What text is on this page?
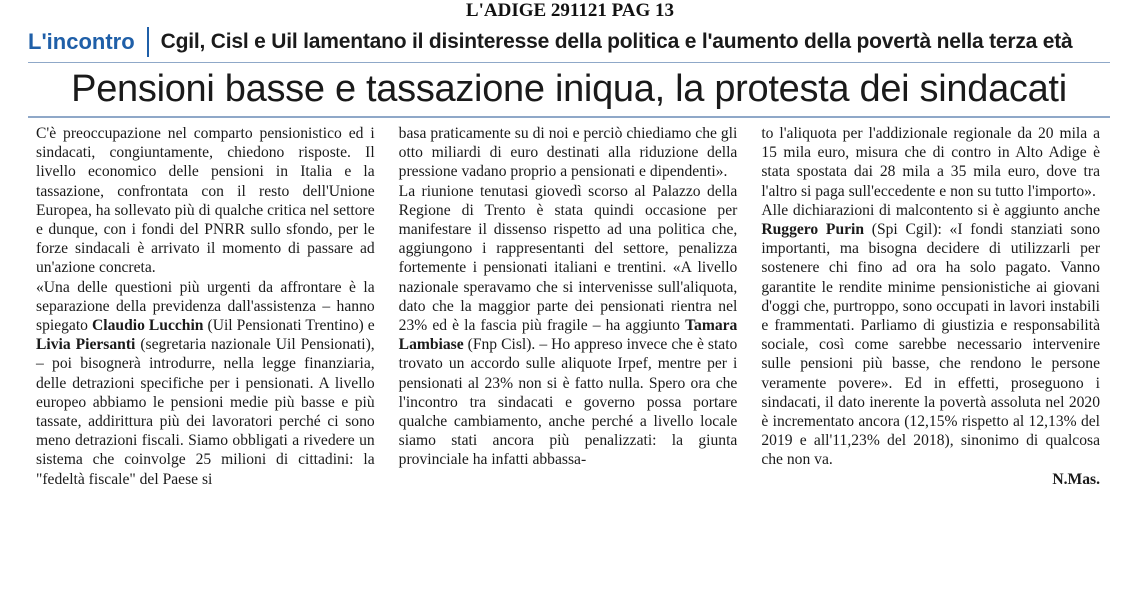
L'ADIGE 291121 PAG 13
L'incontro	Cgil, Cisl e Uil lamentano il disinteresse della politica e l'aumento della povertà nella terza età
Pensioni basse e tassazione iniqua, la protesta dei sindacati

C'è preoccupazione nel comparto pensionistico ed i sindacati, congiuntamente, chiedono risposte. Il livello economico delle pensioni in Italia e la tassazione, confrontata con il resto dell'Unione Europea, ha sollevato più di qualche critica nel settore e dunque, con i fondi del PNRR sullo sfondo, per le forze sindacali è arrivato il momento di passare ad un'azione concreta.

«Una delle questioni più urgenti da affrontare è la separazione della previdenza dall'assistenza – hanno spiegato Claudio Lucchin (Uil Pensionati Trentino) e Livia Piersanti (segretaria nazionale Uil Pensionati), – poi bisognerà introdurre, nella legge finanziaria, delle detrazioni specifiche per i pensionati. A livello europeo abbiamo le pensioni medie più basse e più tassate, addirittura più dei lavoratori perché ci sono meno detrazioni fiscali. Siamo obbligati a rivedere un sistema che coinvolge 25 milioni di cittadini: la "fedeltà fiscale" del Paese si

basa praticamente su di noi e perciò chiediamo che gli otto miliardi di euro destinati alla riduzione della pressione vadano proprio a pensionati e dipendenti».

La riunione tenutasi giovedì scorso al Palazzo della Regione di Trento è stata quindi occasione per manifestare il dissenso rispetto ad una politica che, aggiungono i rappresentanti del settore, penalizza fortemente i pensionati italiani e trentini. «A livello nazionale speravamo che si intervenisse sull'aliquota, dato che la maggior parte dei pensionati rientra nel 23% ed è la fascia più fragile – ha aggiunto Tamara Lambiase (Fnp Cisl). – Ho appreso invece che è stato trovato un accordo sulle aliquote Irpef, mentre per i pensionati al 23% non si è fatto nulla. Spero ora che l'incontro tra sindacati e governo possa portare qualche cambiamento, anche perché a livello locale siamo stati ancora più penalizzati: la giunta provinciale ha infatti abbassa-

to l'aliquota per l'addizionale regionale da 20 mila a 15 mila euro, misura che di contro in Alto Adige è stata spostata dai 28 mila a 35 mila euro, dove tra l'altro si paga sull'eccedente e non su tutto l'importo».

Alle dichiarazioni di malcontento si è aggiunto anche Ruggero Purin (Spi Cgil): «I fondi stanziati sono importanti, ma bisogna decidere di utilizzarli per sostenere chi fino ad ora ha solo pagato. Vanno garantite le rendite minime pensionistiche ai giovani d'oggi che, purtroppo, sono occupati in lavori instabili e frammentati. Parliamo di giustizia e responsabilità sociale, così come sarebbe necessario intervenire sulle pensioni più basse, che rendono le persone veramente povere». Ed in effetti, proseguono i sindacati, il dato inerente la povertà assoluta nel 2020 è incrementato ancora (12,15% rispetto al 12,13% del 2019 e all'11,23% del 2018), sinonimo di qualcosa che non va.

N.Mas.
